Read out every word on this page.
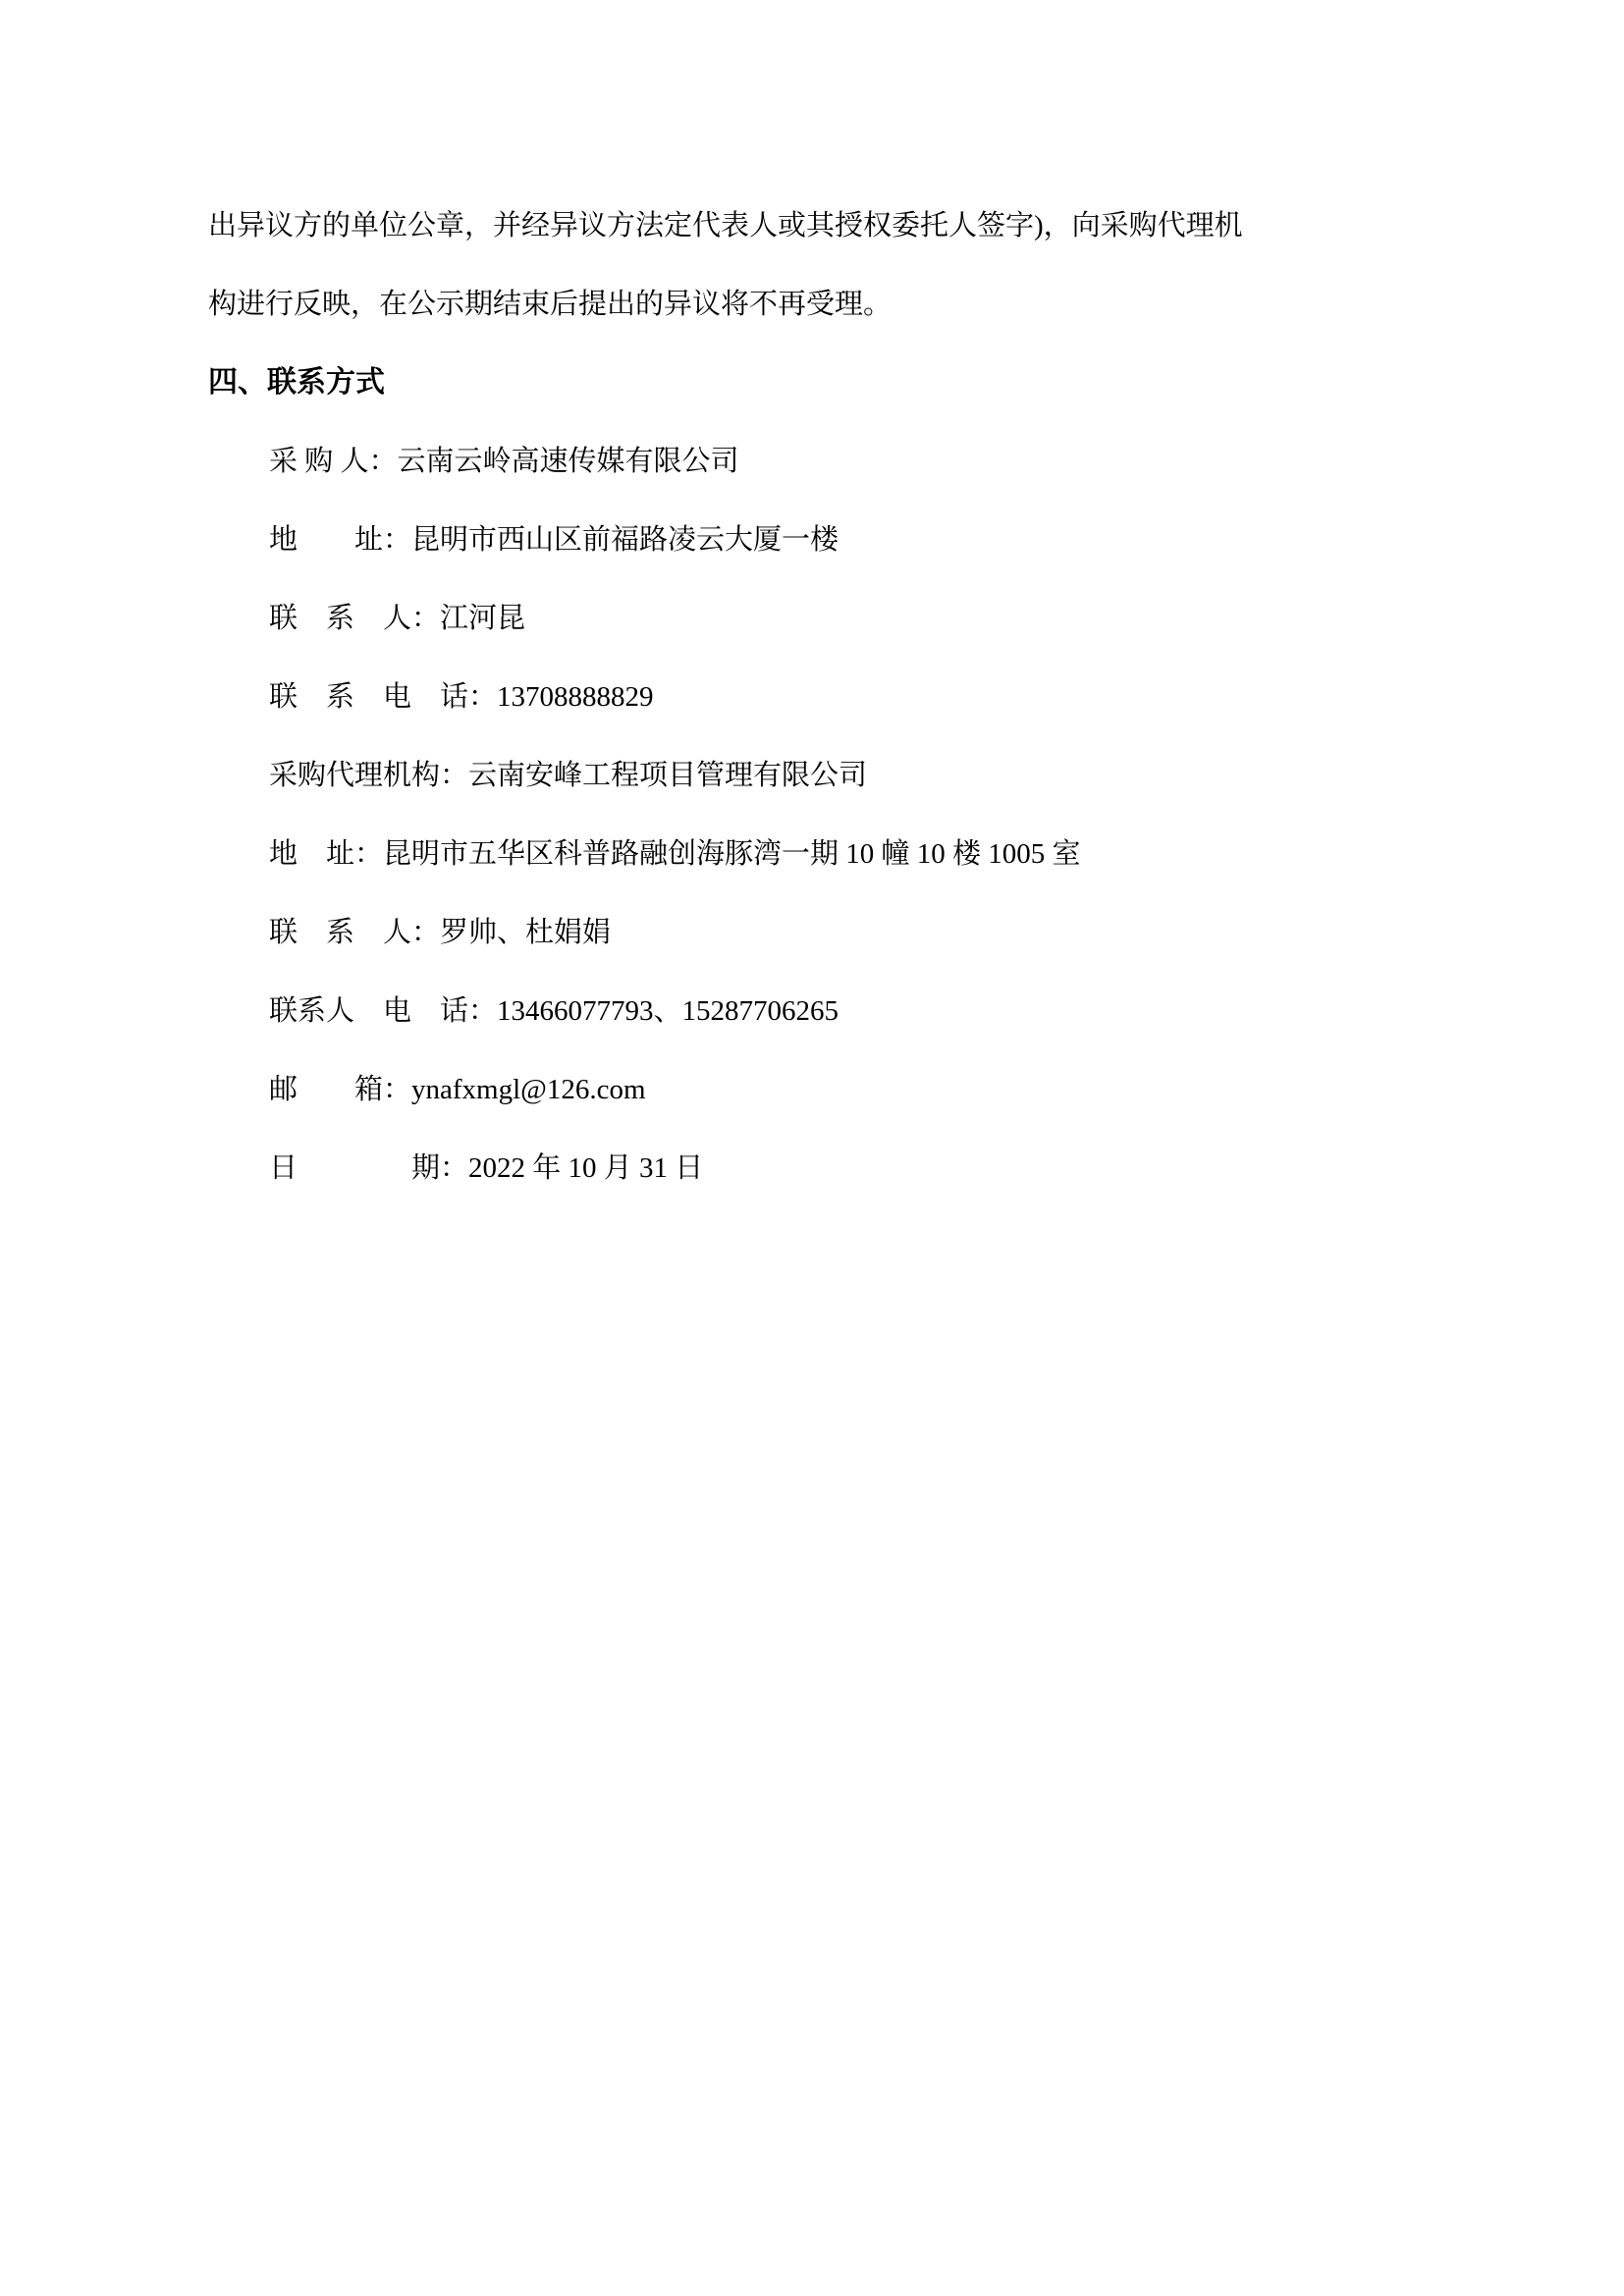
出异议方的单位公章，并经异议方法定代表人或其授权委托人签字)，向采购代理机
构进行反映，在公示期结束后提出的异议将不再受理。

四、联系方式
采 购 人：云南云岭高速传媒有限公司
地　　址：昆明市西山区前福路凌云大厦一楼
联　系　人：江河昆
联　系　电　话：13708888829
采购代理机构：云南安峰工程项目管理有限公司
地　址：昆明市五华区科普路融创海豚湾一期 10 幢 10 楼 1005 室
联　系　人：罗帅、杜娟娟
联系人　电　话：13466077793、15287706265
邮　　箱：ynafxmgl@126.com
日　　　　期：2022 年 10 月 31 日
